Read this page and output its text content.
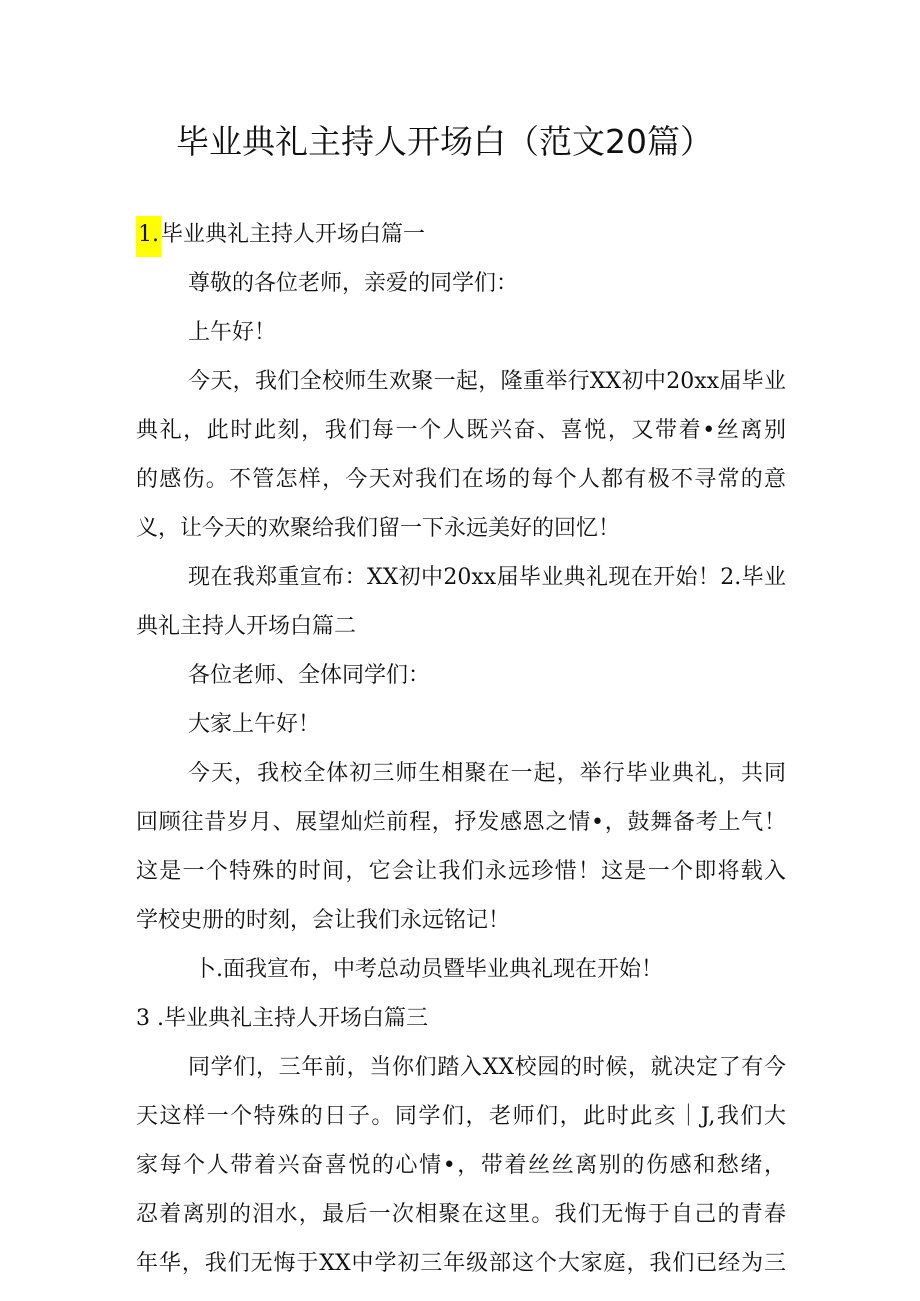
毕业典礼主持人开场白（范文20篇）
1.毕业典礼主持人开场白篇一
尊敬的各位老师，亲爱的同学们：
上午好！
今天，我们全校师生欢聚一起，隆重举行XX初中20xx届毕业
典礼，此时此刻，我们每一个人既兴奋、喜悦，又带着•丝离别
的感伤。不管怎样，今天对我们在场的每个人都有极不寻常的意
义，让今天的欢聚给我们留一下永远美好的回忆！
现在我郑重宣布：XX初中20xx届毕业典礼现在开始！2.毕业
典礼主持人开场白篇二
各位老师、全体同学们：
大家上午好！
今天，我校全体初三师生相聚在一起，举行毕业典礼，共同
回顾往昔岁月、展望灿烂前程，抒发感恩之情•，鼓舞备考上气！
这是一个特殊的时间，它会让我们永远珍惜！这是一个即将载入
学校史册的时刻，会让我们永远铭记！
卜.面我宣布，中考总动员暨毕业典礼现在开始！
3 .毕业典礼主持人开场白篇三
同学们，三年前，当你们踏入XX校园的时候，就决定了有今
天这样一个特殊的日子。同学们，老师们，此时此亥｜J,我们大
家每个人带着兴奋喜悦的心情•，带着丝丝离别的伤感和愁绪，
忍着离别的泪水，最后一次相聚在这里。我们无悔于自己的青春
年华，我们无悔于XX中学初三年级部这个大家庭，我们已经为三
